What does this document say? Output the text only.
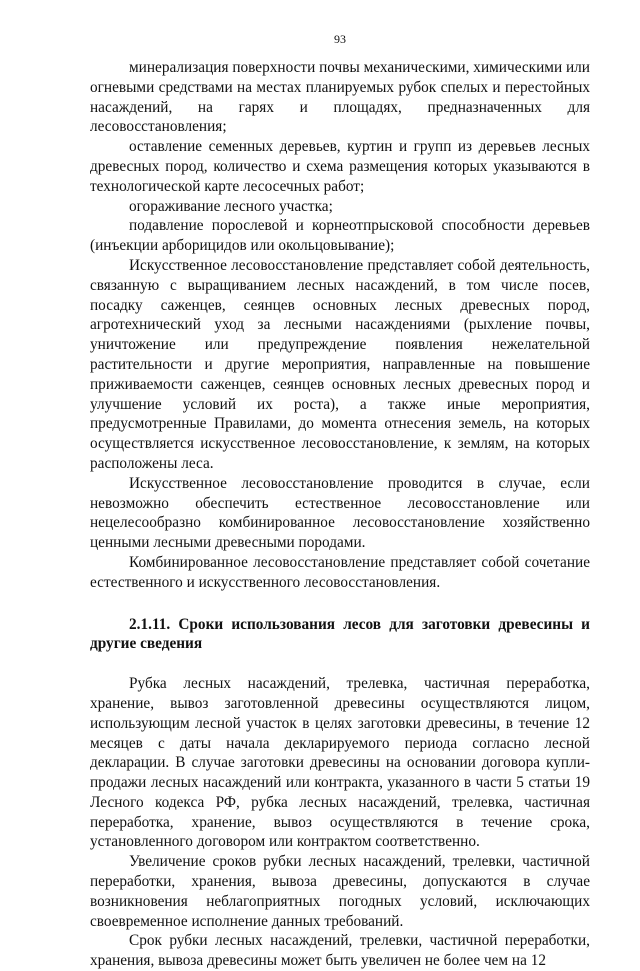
93

минерализация поверхности почвы механическими, химическими или огневыми средствами на местах планируемых рубок спелых и перестойных насаждений, на гарях и площадях, предназначенных для лесовосстановления;

оставление семенных деревьев, куртин и групп из деревьев лесных древесных пород, количество и схема размещения которых указываются в технологической карте лесосечных работ;

огораживание лесного участка;

подавление порослевой и корнеотпрысковой способности деревьев (инъекции арборицидов или окольцовывание);

Искусственное лесовосстановление представляет собой деятельность, связанную с выращиванием лесных насаждений, в том числе посев, посадку саженцев, сеянцев основных лесных древесных пород, агротехнический уход за лесными насаждениями (рыхление почвы, уничтожение или предупреждение появления нежелательной растительности и другие мероприятия, направленные на повышение приживаемости саженцев, сеянцев основных лесных древесных пород и улучшение условий их роста), а также иные мероприятия, предусмотренные Правилами, до момента отнесения земель, на которых осуществляется искусственное лесовосстановление, к землям, на которых расположены леса.

Искусственное лесовосстановление проводится в случае, если невозможно обеспечить естественное лесовосстановление или нецелесообразно комбинированное лесовосстановление хозяйственно ценными лесными древесными породами.

Комбинированное лесовосстановление представляет собой сочетание естественного и искусственного лесовосстановления.

2.1.11. Сроки использования лесов для заготовки древесины и другие сведения

Рубка лесных насаждений, трелевка, частичная переработка, хранение, вывоз заготовленной древесины осуществляются лицом, использующим лесной участок в целях заготовки древесины, в течение 12 месяцев с даты начала декларируемого периода согласно лесной декларации. В случае заготовки древесины на основании договора купли-продажи лесных насаждений или контракта, указанного в части 5 статьи 19 Лесного кодекса РФ, рубка лесных насаждений, трелевка, частичная переработка, хранение, вывоз осуществляются в течение срока, установленного договором или контрактом соответственно.

Увеличение сроков рубки лесных насаждений, трелевки, частичной переработки, хранения, вывоза древесины, допускаются в случае возникновения неблагоприятных погодных условий, исключающих своевременное исполнение данных требований.

Срок рубки лесных насаждений, трелевки, частичной переработки, хранения, вывоза древесины может быть увеличен не более чем на 12
